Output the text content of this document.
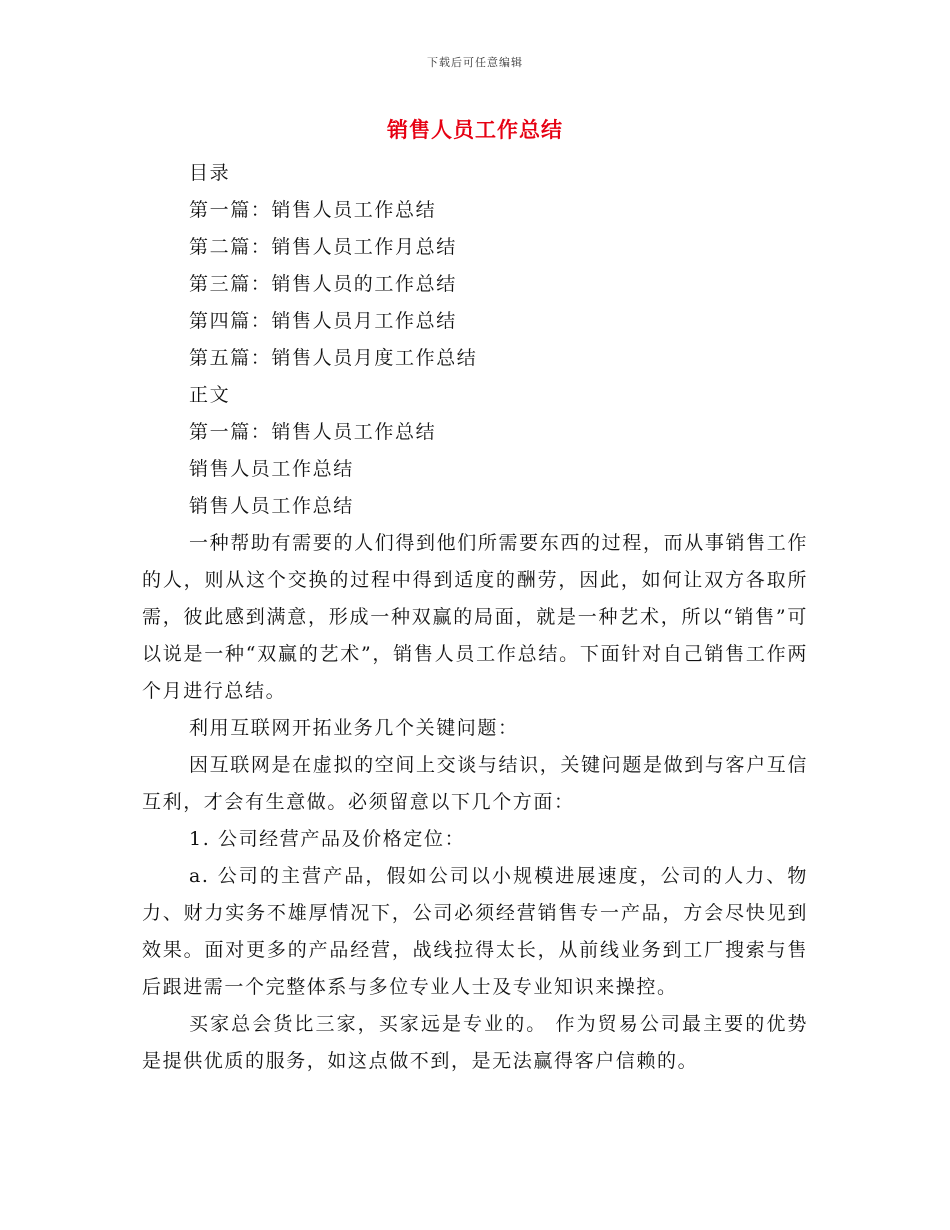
下载后可任意编辑
销售人员工作总结
目录
第一篇：销售人员工作总结
第二篇：销售人员工作月总结
第三篇：销售人员的工作总结
第四篇：销售人员月工作总结
第五篇：销售人员月度工作总结
正文
第一篇：销售人员工作总结
销售人员工作总结
销售人员工作总结
一种帮助有需要的人们得到他们所需要东西的过程，而从事销售工作的人，则从这个交换的过程中得到适度的酬劳，因此，如何让双方各取所需，彼此感到满意，形成一种双赢的局面，就是一种艺术，所以“销售”可以说是一种“双赢的艺术”，销售人员工作总结。下面针对自己销售工作两个月进行总结。
利用互联网开拓业务几个关键问题：
因互联网是在虚拟的空间上交谈与结识，关键问题是做到与客户互信互利，才会有生意做。必须留意以下几个方面：
1. 公司经营产品及价格定位：
a. 公司的主营产品，假如公司以小规模进展速度，公司的人力、物力、财力实务不雄厚情况下，公司必须经营销售专一产品，方会尽快见到效果。面对更多的产品经营，战线拉得太长，从前线业务到工厂搜索与售后跟进需一个完整体系与多位专业人士及专业知识来操控。
买家总会货比三家，买家远是专业的。 作为贸易公司最主要的优势是提供优质的服务，如这点做不到，是无法赢得客户信赖的。
